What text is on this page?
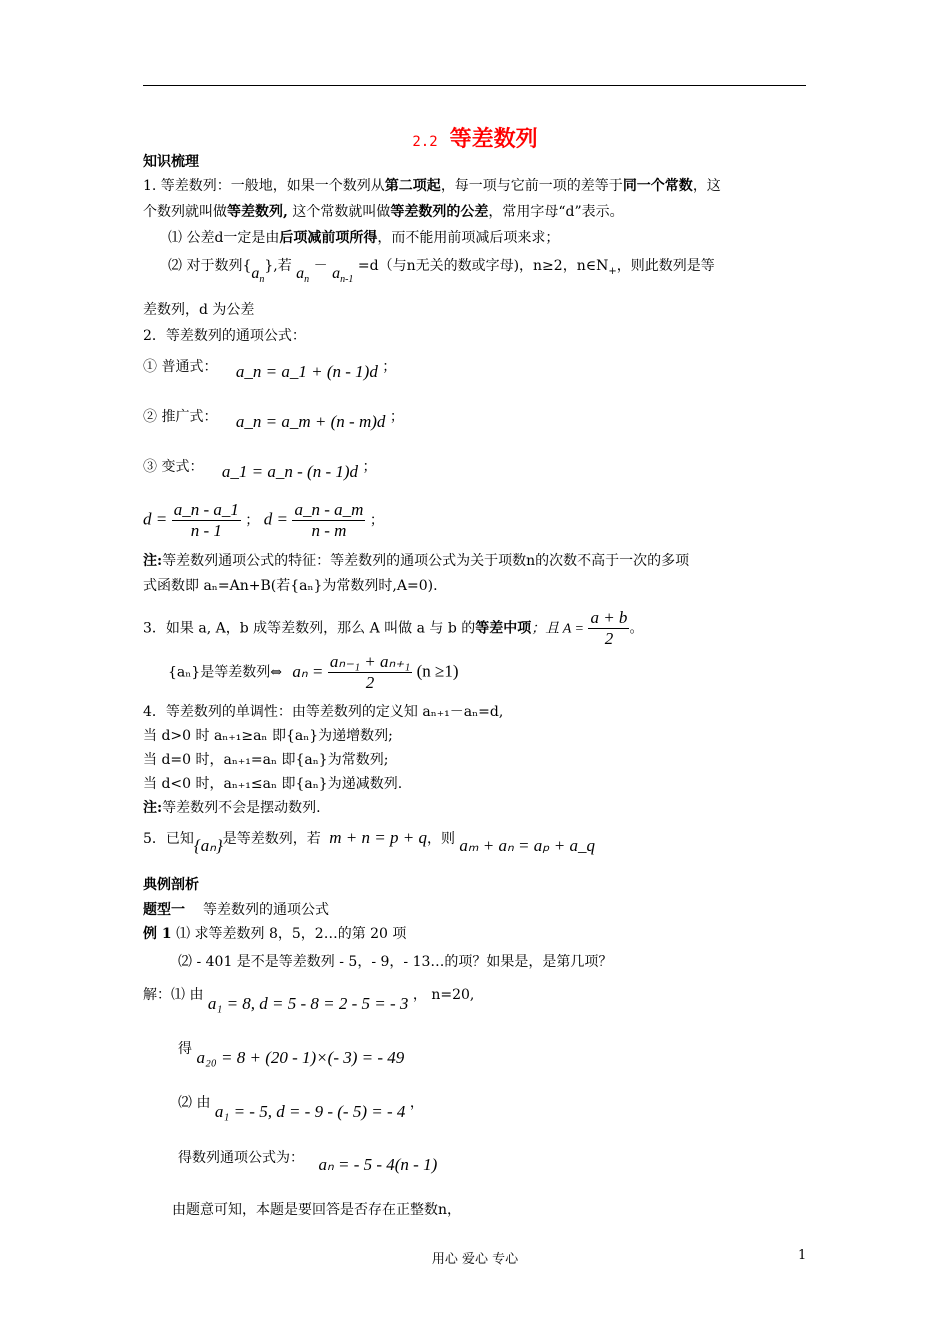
2.2 等差数列
知识梳理
1. 等差数列：一般地，如果一个数列从第二项起，每一项与它前一项的差等于同一个常数，这
个数列就叫做等差数列, 这个常数就叫做等差数列的公差，常用字母“d”表示。
⑴ 公差d一定是由后项减前项所得，而不能用前项减后项来求；
⑵ 对于数列$\{a_n\}$,若 $a_n - a_{n-1} =d$（与n无关的数或字母)，n≥2，$n\in N_+$，则此数列是等
差数列，d 为公差
2．等差数列的通项公式：
① 普通式： a_n = a_1 + (n - 1)d ；
② 推广式： a_n = a_m + (n - m)d ；
③ 变式： a_1 = a_n - (n - 1)d ；
$d = \frac{a\_n - a\_1}{n - 1}$ ； $d = \frac{a\_n - a\_m}{n - m}$ ；
注:等差数列通项公式的特征：等差数列的通项公式为关于项数n的次数不高于一次的多项
式函数即 aₙ=An+B(若{aₙ}为常数列时,A=0).
3．如果 a, A，b 成等差数列，那么 A 叫做 a 与 b 的等差中项；且 $A = \frac{a + b}{2}$ 。
{aₙ}是等差数列⇔ $a_n = \frac{\text{aₙ₋₁ + aₙ₊₁}}{2} (n \ge 1)$
4．等差数列的单调性：由等差数列的定义知 aₙ₊₁－aₙ=d,
当 d>0 时 aₙ₊₁≥aₙ 即{aₙ}为递增数列;
当 d=0 时，aₙ₊₁=aₙ 即{aₙ}为常数列;
当 d<0 时，aₙ₊₁≤aₙ 即{aₙ}为递减数列.
注:等差数列不会是摆动数列.
5．已知{aₙ}是等差数列，若 m + n = p + q，则 aₘ + aₙ = aₚ + a_q
典例剖析
题型一 等差数列的通项公式
例 1 ⑴ 求等差数列 8，5，2…的第 20 项
⑵ - 401 是不是等差数列 - 5，- 9，- 13…的项？如果是，是第几项？
解：⑴ 由 a₁ = 8, d = 5 - 8 = 2 - 5 = - 3 ， n=20,
得 a₂₀ = 8 + (20 - 1)×(- 3) = - 49
⑵ 由 a₁ = - 5, d = - 9 - (- 5) = - 4 ，
得数列通项公式为： aₙ = - 5 - 4(n - 1)
由题意可知，本题是要回答是否存在正整数n，
用心 爱心 专心	1
